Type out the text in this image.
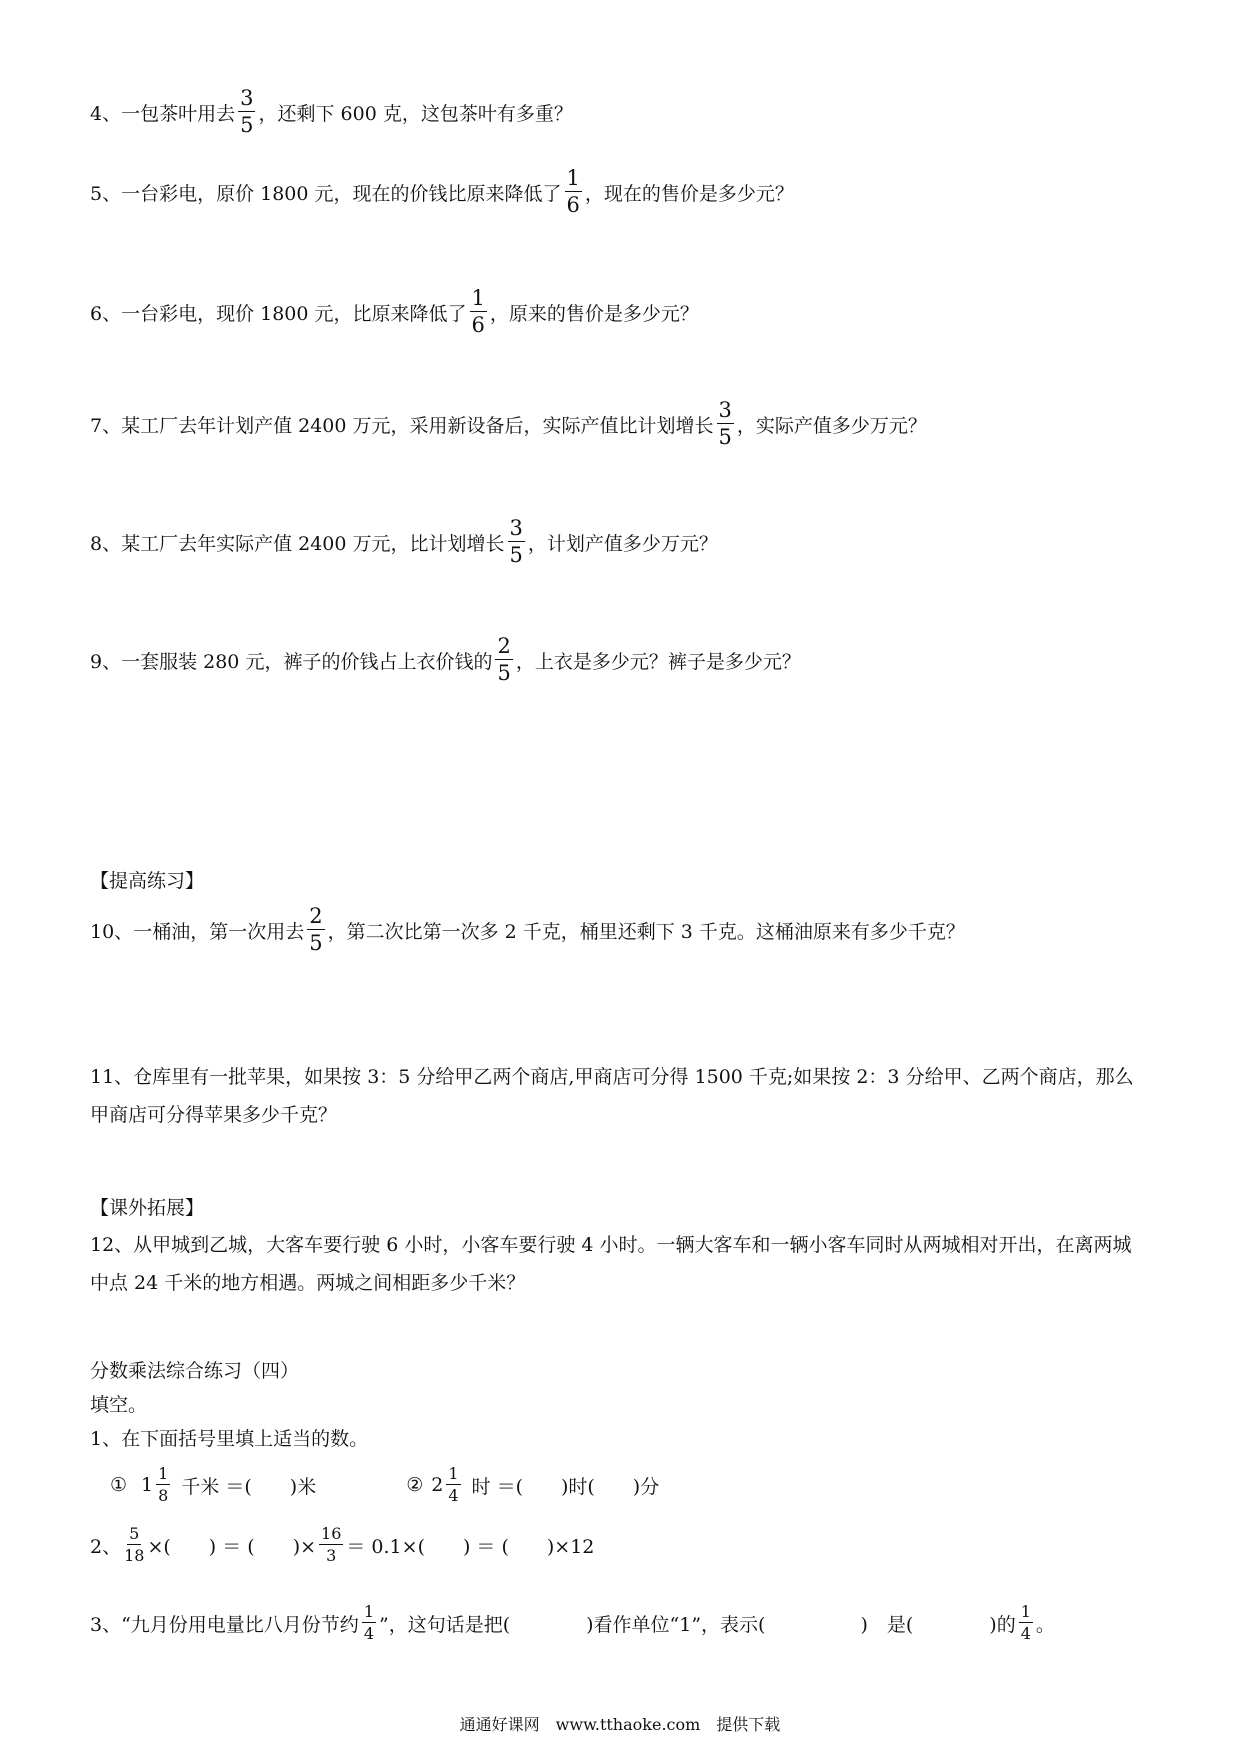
4、 一包茶叶用去 $\frac{3}{5}$ ，还剩下 600 克，这包茶叶有多重？
5、 一台彩电，原价 1800 元，现在的价钱比原来降低了 $\frac{1}{6}$ ，现在的售价是多少元？
6、 一台彩电，现价 1800 元，比原来降低了 $\frac{1}{6}$ ，原来的售价是多少元？
7、 某工厂去年计划产值 2400 万元，采用新设备后，实际产值比计划增长 $\frac{3}{5}$ ，实际产值多少万元？
8、 某工厂去年实际产值 2400 万元，比计划增长 $\frac{3}{5}$ ，计划产值多少万元？
9、 一套服装 280 元，裤子的价钱占上衣价钱的 $\frac{2}{5}$ ，上衣是多少元？裤子是多少元？
【提高练习】
10、 一桶油，第一次用去 $\frac{2}{5}$ ，第二次比第一次多 2 千克，桶里还剩下 3 千克。这桶油原来有多少千克？
11、仓库里有一批苹果，如果按 3：5 分给甲乙两个商店,甲商店可分得 1500 千克;如果按 2：3 分给甲、乙两个商店，那么甲商店可分得苹果多少千克？
【课外拓展】
12、从甲城到乙城，大客车要行驶 6 小时，小客车要行驶 4 小时。一辆大客车和一辆小客车同时从两城相对开出，在离两城中点 24 千米的地方相遇。两城之间相距多少千米？
分数乘法综合练习（四）
填空。
1、在下面括号里填上适当的数。
① $1 \frac{1}{8}$ 千米 ＝(　　)米	② $2 \frac{1}{4}$ 时 ＝(　　)时(　　)分
2、 $\frac{5}{18}$ ×(　　) ＝ (　　)× $\frac{16}{3} = 0.1\times$(　　) ＝ (　　)×12
3、“九月份用电量比八月份节约 $\frac{1}{4}$ ”，这句话是把(　　　　)看作单位“1”，表示(　　　　　)　是(　　　　)的 $\frac{1}{4}$ 。
通通好课网　www.tthaoke.com　提供下载
